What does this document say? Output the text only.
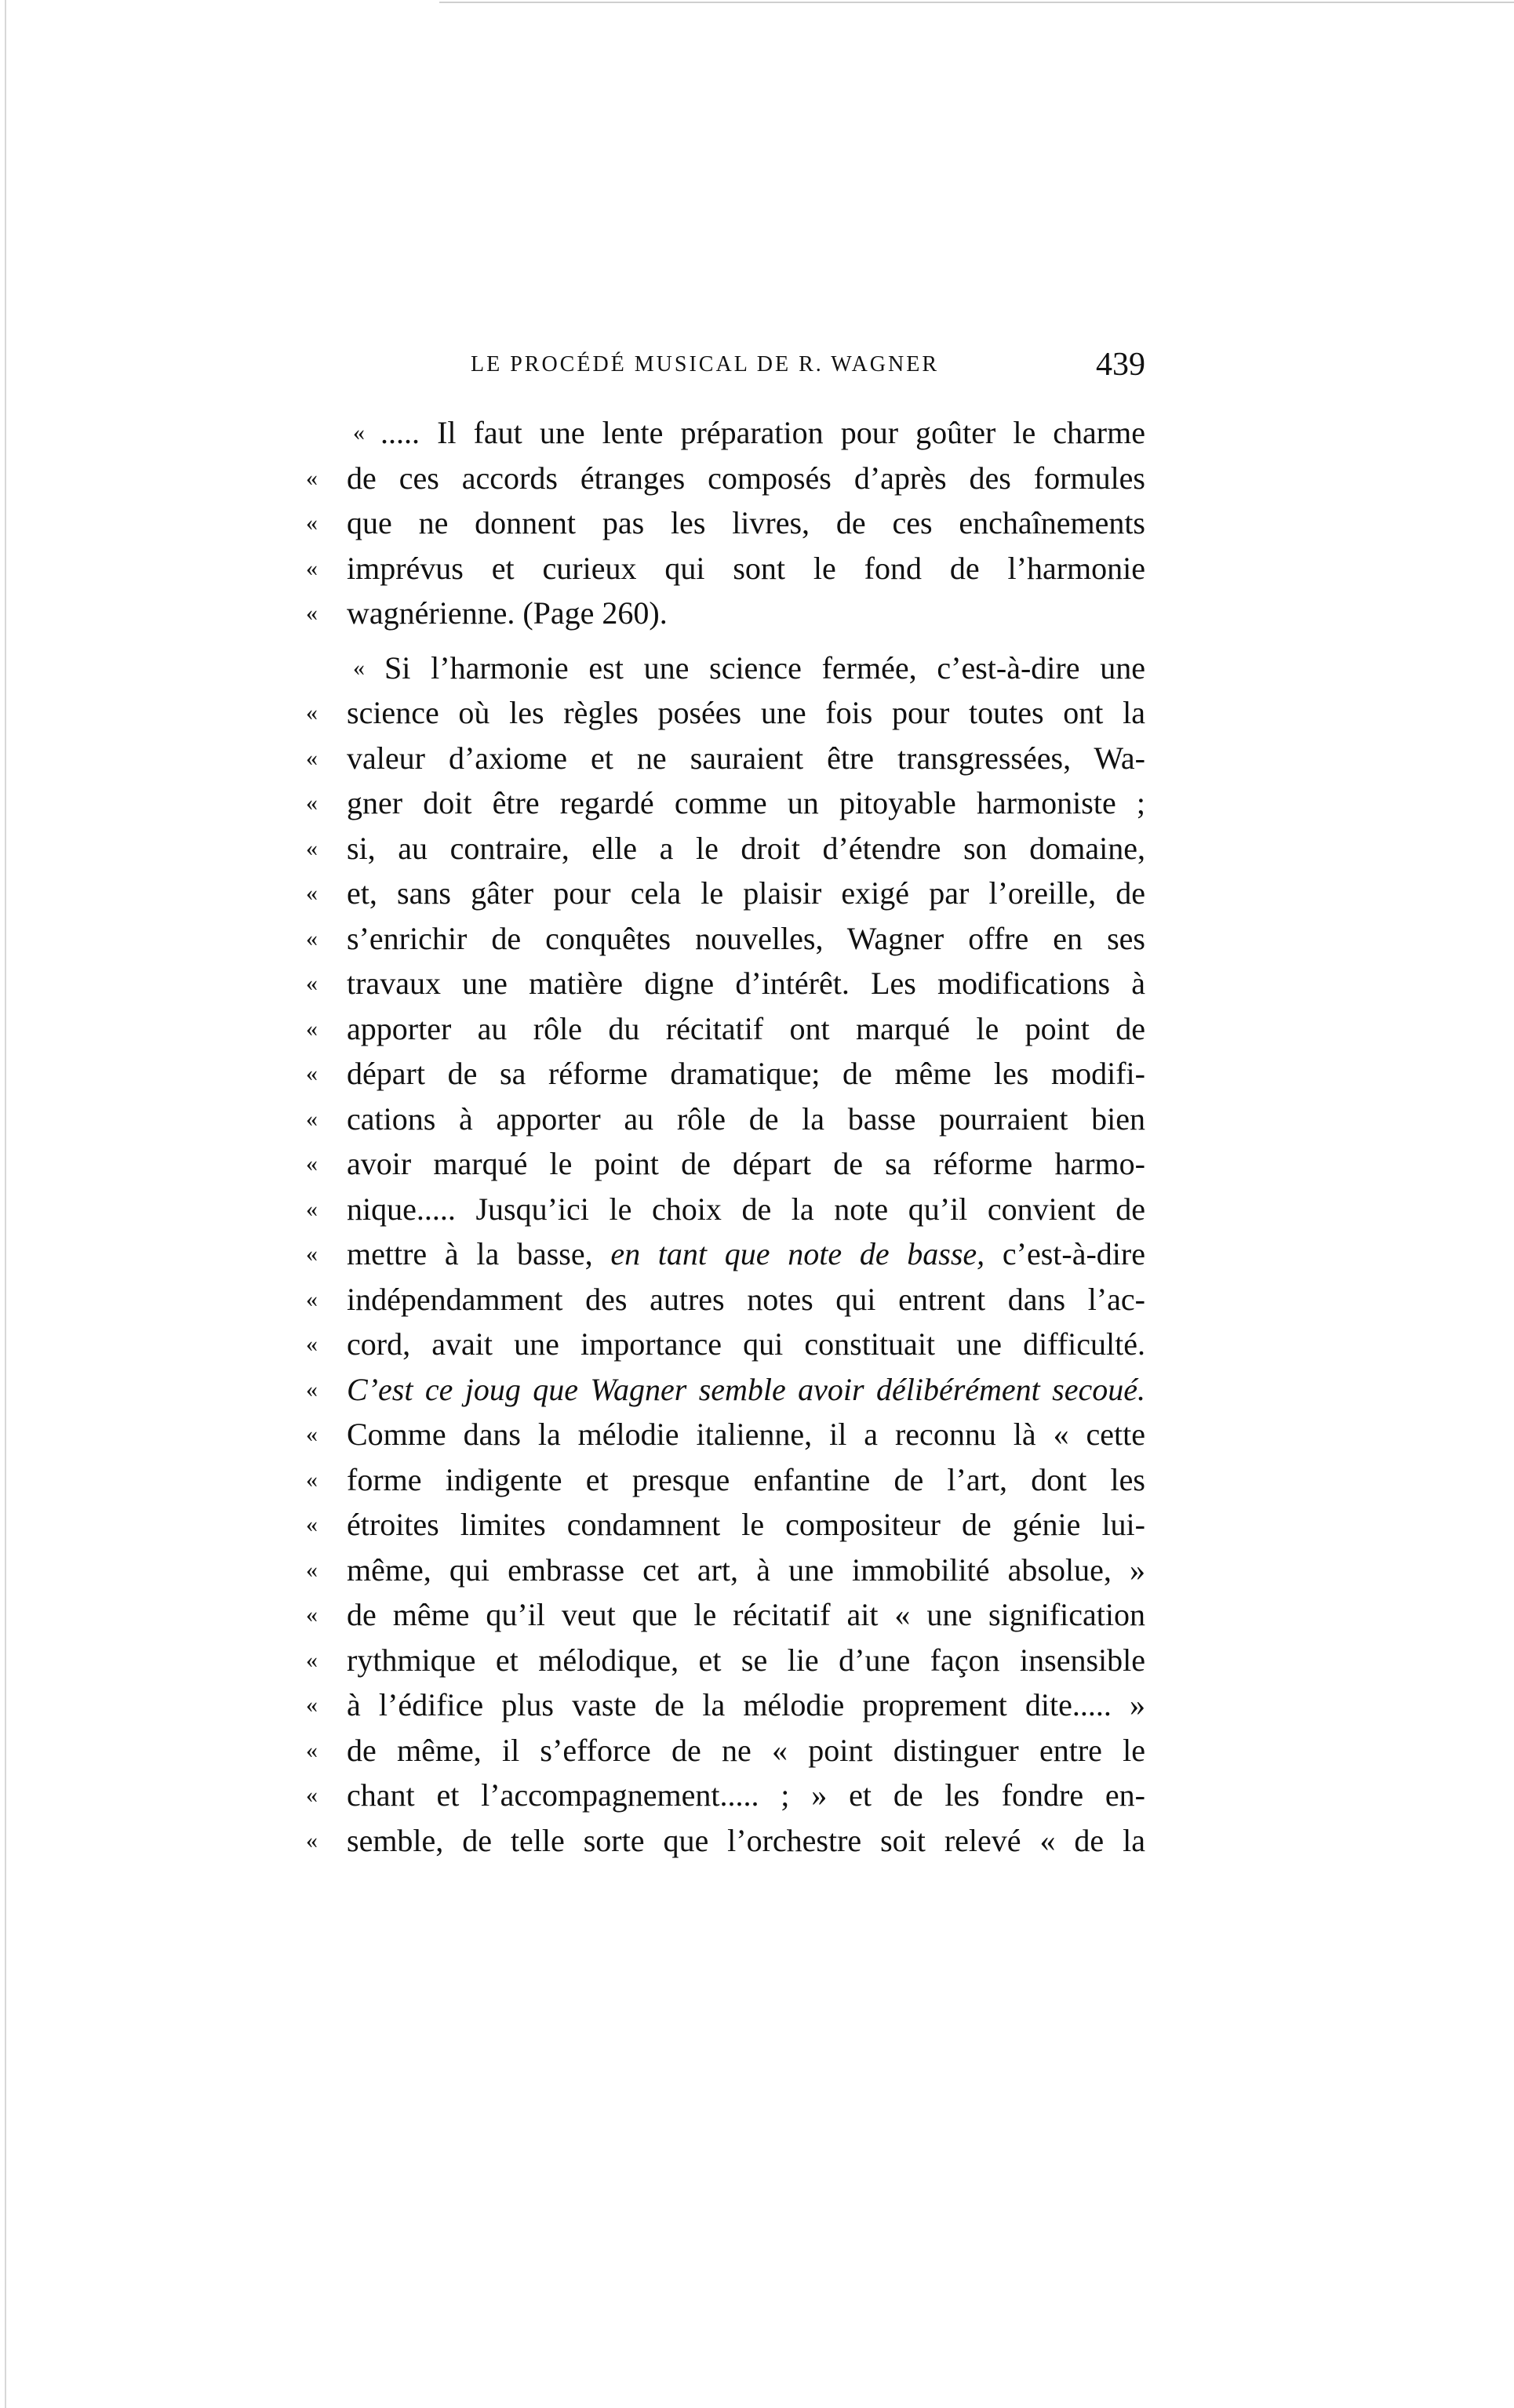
LE PROCÉDÉ MUSICAL DE R. WAGNER	439
« ..... Il faut une lente préparation pour goûter le charme
« de ces accords étranges composés d’après des formules
« que ne donnent pas les livres, de ces enchaînements
« imprévus et curieux qui sont le fond de l’harmonie
« wagnérienne. (Page 260).
« Si l’harmonie est une science fermée, c’est-à-dire une
« science où les règles posées une fois pour toutes ont la
« valeur d’axiome et ne sauraient être transgressées, Wa-
« gner doit être regardé comme un pitoyable harmoniste ;
« si, au contraire, elle a le droit d’étendre son domaine,
« et, sans gâter pour cela le plaisir exigé par l’oreille, de
« s’enrichir de conquêtes nouvelles, Wagner offre en ses
« travaux une matière digne d’intérêt. Les modifications à
« apporter au rôle du récitatif ont marqué le point de
« départ de sa réforme dramatique; de même les modifi-
« cations à apporter au rôle de la basse pourraient bien
« avoir marqué le point de départ de sa réforme harmo-
« nique..... Jusqu’ici le choix de la note qu’il convient de
« mettre à la basse, en tant que note de basse, c’est-à-dire
« indépendamment des autres notes qui entrent dans l’ac-
« cord, avait une importance qui constituait une difficulté.
« C’est ce joug que Wagner semble avoir délibérément secoué.
« Comme dans la mélodie italienne, il a reconnu là « cette
« forme indigente et presque enfantine de l’art, dont les
« étroites limites condamnent le compositeur de génie lui-
« même, qui embrasse cet art, à une immobilité absolue, »
« de même qu’il veut que le récitatif ait « une signification
« rythmique et mélodique, et se lie d’une façon insensible
« à l’édifice plus vaste de la mélodie proprement dite..... »
« de même, il s’efforce de ne « point distinguer entre le
« chant et l’accompagnement..... ; » et de les fondre en-
« semble, de telle sorte que l’orchestre soit relevé « de la
